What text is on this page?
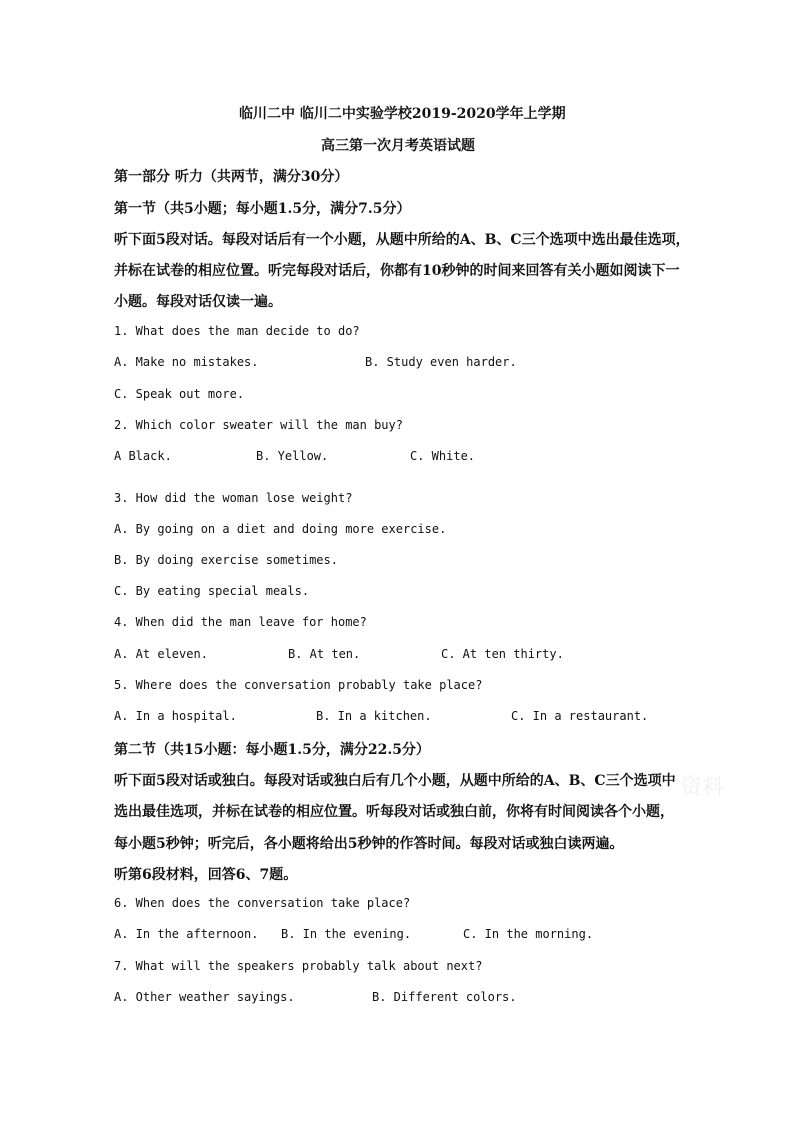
资料
临川二中 临川二中实验学校2019-2020学年上学期
高三第一次月考英语试题
第一部分 听力（共两节，满分30分）
第一节（共5小题；每小题1.5分，满分7.5分）
听下面5段对话。每段对话后有一个小题，从题中所给的A、B、C三个选项中选出最佳选项，
并标在试卷的相应位置。听完每段对话后，你都有10秒钟的时间来回答有关小题如阅读下一
小题。每段对话仅读一遍。
1. What does the man decide to do?
A. Make no mistakes.	B. Study even harder.
C. Speak out more.
2. Which color sweater will the man buy?
A Black.	B. Yellow.	C. White.
3. How did the woman lose weight?
A. By going on a diet and doing more exercise.
B. By doing exercise sometimes.
C. By eating special meals.
4. When did the man leave for home?
A. At eleven.	B. At ten.	C. At ten thirty.
5. Where does the conversation probably take place?
A. In a hospital.	B. In a kitchen.	C. In a restaurant.
第二节（共15小题：每小题1.5分，满分22.5分）
听下面5段对话或独白。每段对话或独白后有几个小题，从题中所给的A、B、C三个选项中
选出最佳选项，并标在试卷的相应位置。听每段对话或独白前，你将有时间阅读各个小题，
每小题5秒钟；听完后，各小题将给出5秒钟的作答时间。每段对话或独白读两遍。
听第6段材料，回答6、7题。
6. When does the conversation take place?
A. In the afternoon. B. In the evening.	C. In the morning.
7. What will the speakers probably talk about next?
A. Other weather sayings.	B. Different colors.
